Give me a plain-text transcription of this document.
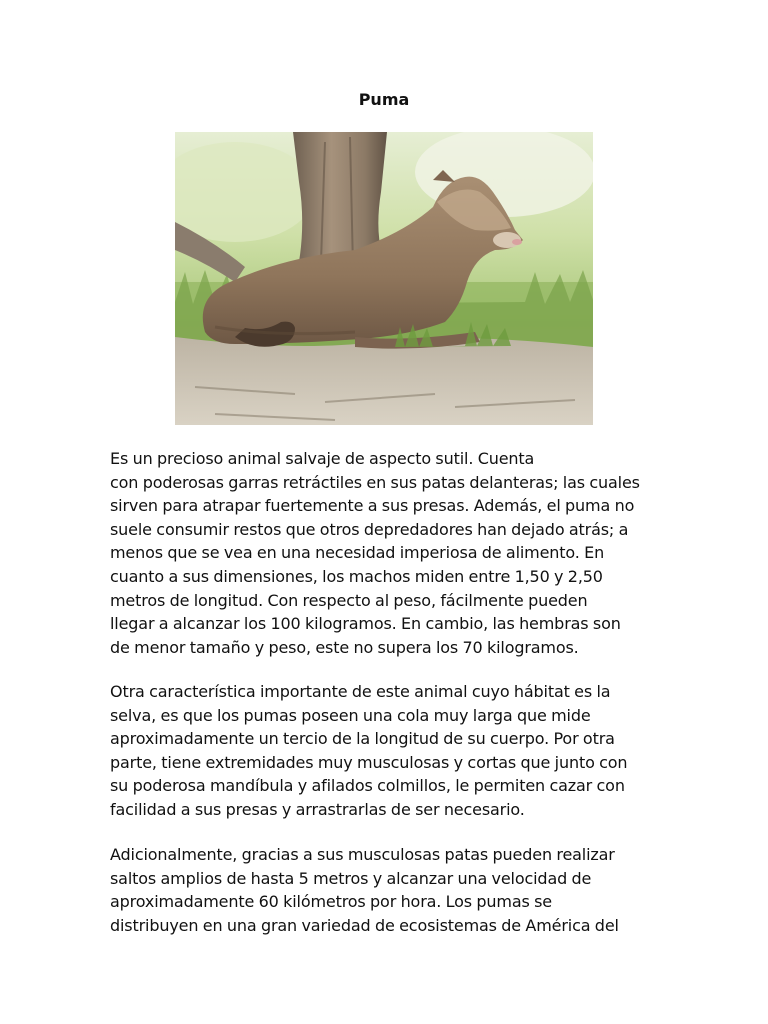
Puma

Es un precioso animal salvaje de aspecto sutil. Cuenta
con poderosas garras retráctiles en sus patas delanteras; las cuales
sirven para atrapar fuertemente a sus presas. Además, el puma no
suele consumir restos que otros depredadores han dejado atrás; a
menos que se vea en una necesidad imperiosa de alimento. En
cuanto a sus dimensiones, los machos miden entre 1,50 y 2,50
metros de longitud. Con respecto al peso, fácilmente pueden
llegar a alcanzar los 100 kilogramos. En cambio, las hembras son
de menor tamaño y peso, este no supera los 70 kilogramos.

Otra característica importante de este animal cuyo hábitat es la
selva, es que los pumas poseen una cola muy larga que mide
aproximadamente un tercio de la longitud de su cuerpo. Por otra
parte, tiene extremidades muy musculosas y cortas que junto con
su poderosa mandíbula y afilados colmillos, le permiten cazar con
facilidad a sus presas y arrastrarlas de ser necesario.

Adicionalmente, gracias a sus musculosas patas pueden realizar
saltos amplios de hasta 5 metros y alcanzar una velocidad de
aproximadamente 60 kilómetros por hora. Los pumas se
distribuyen en una gran variedad de ecosistemas de América del
